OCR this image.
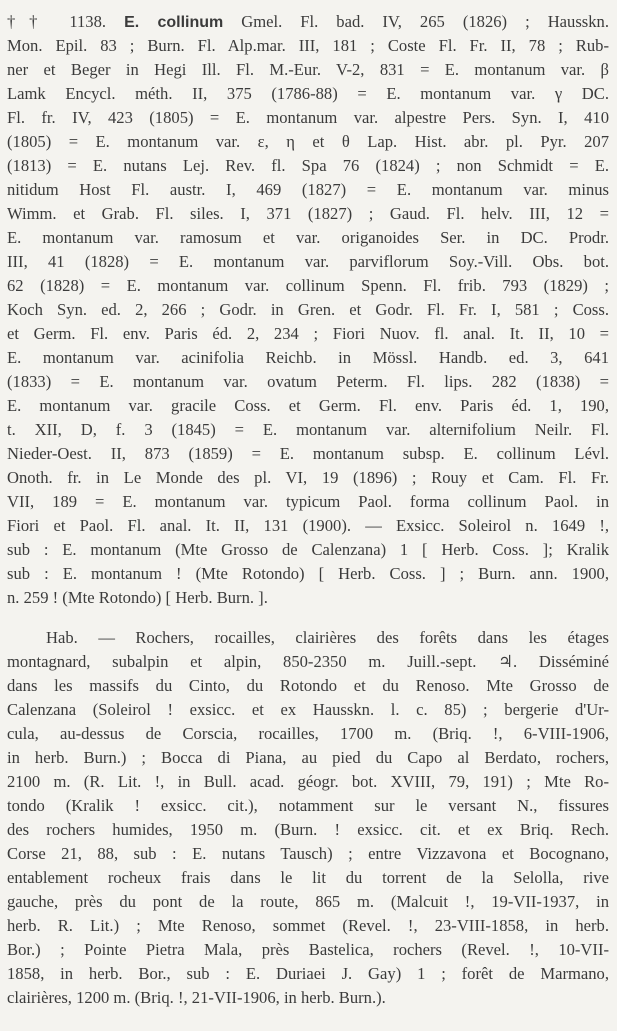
†† 1138. E. collinum Gmel. Fl. bad. IV, 265 (1826) ; Hausskn.
Mon. Epil. 83 ; Burn. Fl. Alp.mar. III, 181 ; Coste Fl. Fr. II, 78 ; Rub-
ner et Beger in Hegi Ill. Fl. M.-Eur. V-2, 831 = E. montanum var. β
Lamk Encycl. méth. II, 375 (1786-88) = E. montanum var. γ DC.
Fl. fr. IV, 423 (1805) = E. montanum var. alpestre Pers. Syn. I, 410
(1805) = E. montanum var. ε, η et θ Lap. Hist. abr. pl. Pyr. 207
(1813) = E. nutans Lej. Rev. fl. Spa 76 (1824) ; non Schmidt = E.
nitidum Host Fl. austr. I, 469 (1827) = E. montanum var. minus
Wimm. et Grab. Fl. siles. I, 371 (1827) ; Gaud. Fl. helv. III, 12 =
E. montanum var. ramosum et var. origanoides Ser. in DC. Prodr.
III, 41 (1828) = E. montanum var. parviflorum Soy.-Vill. Obs. bot.
62 (1828) = E. montanum var. collinum Spenn. Fl. frib. 793 (1829) ;
Koch Syn. ed. 2, 266 ; Godr. in Gren. et Godr. Fl. Fr. I, 581 ; Coss.
et Germ. Fl. env. Paris éd. 2, 234 ; Fiori Nuov. fl. anal. It. II, 10 =
E. montanum var. acinifolia Reichb. in Mössl. Handb. ed. 3, 641
(1833) = E. montanum var. ovatum Peterm. Fl. lips. 282 (1838) =
E. montanum var. gracile Coss. et Germ. Fl. env. Paris éd. 1, 190,
t. XII, D, f. 3 (1845) = E. montanum var. alternifolium Neilr. Fl.
Nieder-Oest. II, 873 (1859) = E. montanum subsp. E. collinum Lévl.
Onoth. fr. in Le Monde des pl. VI, 19 (1896) ; Rouy et Cam. Fl. Fr.
VII, 189 = E. montanum var. typicum Paol. forma collinum Paol. in
Fiori et Paol. Fl. anal. It. II, 131 (1900). — Exsicc. Soleirol n. 1649 !,
sub : E. montanum (Mte Grosso de Calenzana) 1 [ Herb. Coss. ]; Kralik
sub : E. montanum ! (Mte Rotondo) [ Herb. Coss. ] ; Burn. ann. 1900,
n. 259 ! (Mte Rotondo) [ Herb. Burn. ].
Hab. — Rochers, rocailles, clairières des forêts dans les étages
montagnard, subalpin et alpin, 850-2350 m. Juill.-sept. ♃. Disséminé
dans les massifs du Cinto, du Rotondo et du Renoso. Mte Grosso de
Calenzana (Soleirol ! exsicc. et ex Hausskn. l. c. 85) ; bergerie d'Ur-
cula, au-dessus de Corscia, rocailles, 1700 m. (Briq. !, 6-VIII-1906,
in herb. Burn.) ; Bocca di Piana, au pied du Capo al Berdato, rochers,
2100 m. (R. Lit. !, in Bull. acad. géogr. bot. XVIII, 79, 191) ; Mte Ro-
tondo (Kralik ! exsicc. cit.), notamment sur le versant N., fissures
des rochers humides, 1950 m. (Burn. ! exsicc. cit. et ex Briq. Rech.
Corse 21, 88, sub : E. nutans Tausch) ; entre Vizzavona et Bocognano,
entablement rocheux frais dans le lit du torrent de la Selolla, rive
gauche, près du pont de la route, 865 m. (Malcuit !, 19-VII-1937, in
herb. R. Lit.) ; Mte Renoso, sommet (Revel. !, 23-VIII-1858, in herb.
Bor.) ; Pointe Pietra Mala, près Bastelica, rochers (Revel. !, 10-VII-
1858, in herb. Bor., sub : E. Duriaei J. Gay) 1 ; forêt de Marmano,
clairières, 1200 m. (Briq. !, 21-VII-1906, in herb. Burn.).
